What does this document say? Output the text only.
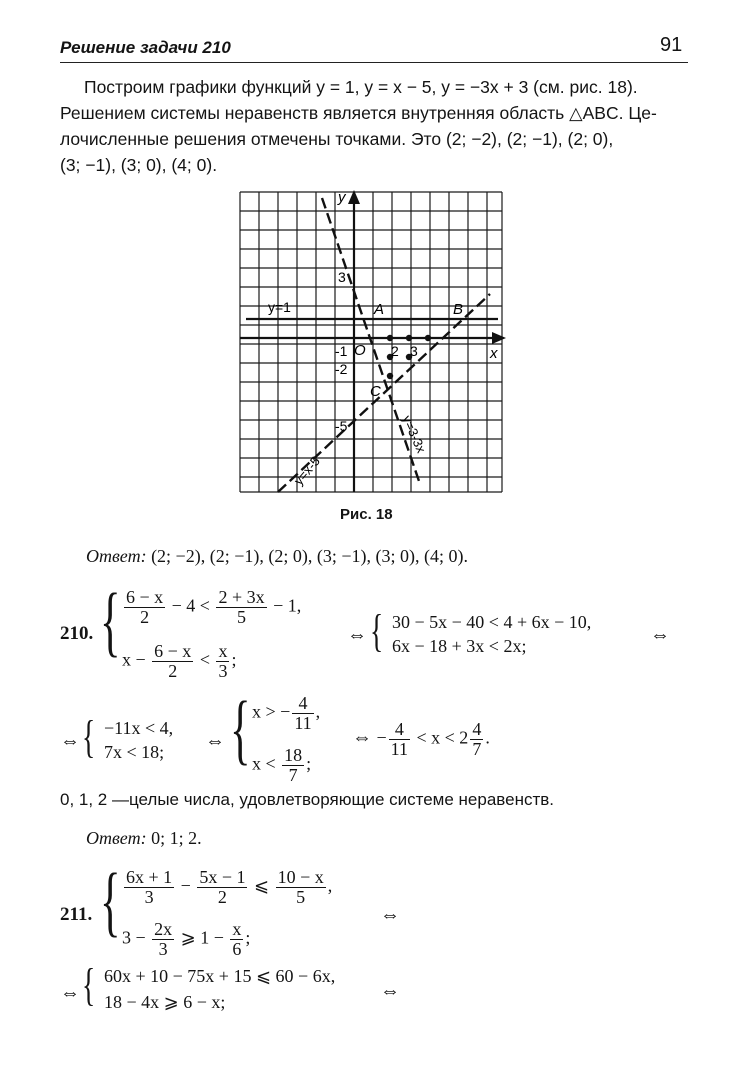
Решение задачи 210	91

Построим графики функций y = 1, y = x − 5, y = −3x + 3 (см. рис. 18).

Решением системы неравенств является внутренняя область △ABC. Це-

лочисленные решения отмечены точками. Это (2; −2), (2; −1), (2; 0),

(3; −1), (3; 0), (4; 0).

y
x
3
y=1	A	B
-1 O 2 3
-2
C
-5
y=x-5
y=3-3x
Рис. 18
Ответ: (2; −2), (2; −1), (2; 0), (3; −1), (3; 0), (4; 0).
210. { $\frac{6 - x}{2} - 4 < \frac{2 + 3x}{5} - 1$,
$x - \frac{6 - x}{2} < \frac{x}{3}$ ;
⇔ { 30 − 5x − 40 < 4 + 6x − 10,
6x − 18 + 3x < 2x;	⇔
⇔ { −11x < 4,
7x < 18; ⇔ { x > − $\frac{4}{11}$ ,
$x < \frac{18}{7}$ ;
⇔ − $\frac{4}{11} < x < 2 \frac{4}{7}$ .
0, 1, 2 —целые числа, удовлетворяющие системе неравенств.
Ответ: 0; 1; 2.
211. { $\frac{6x + 1}{3} - \frac{5x - 1}{2}$ ⩽ $\frac{10 - x}{5}$ ,
⇔
$3 - \frac{2x}{3}$ ⩾ $1 - \frac{x}{6}$ ;
⇔ { 60x + 10 − 75x + 15 ⩽ 60 − 6x,
18 − 4x ⩾ 6 − x;	⇔
